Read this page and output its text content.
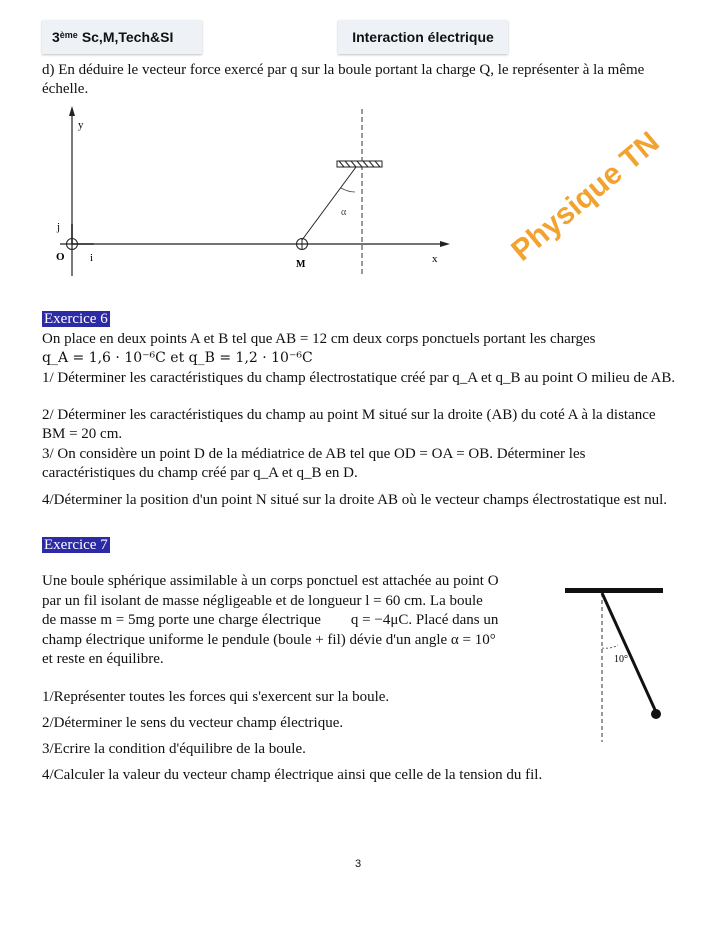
3ème Sc,M,Tech&SI	Interaction électrique
d) En déduire le vecteur force exercé par q sur la boule portant la charge Q, le représenter à la même échelle.
y
x
j
i
O
α
M	Physique TN
Exercice 6
On place en deux points A et B tel que AB = 12 cm deux corps ponctuels portant les charges
q_A = 1,6 · 10⁻⁶C et q_B = 1,2 · 10⁻⁶C
1/ Déterminer les caractéristiques du champ électrostatique créé par q_A et q_B au point O milieu de AB.
2/ Déterminer les caractéristiques du champ au point M situé sur la droite (AB) du coté A à la distance BM = 20 cm.
3/ On considère un point D de la médiatrice de AB tel que OD = OA = OB. Déterminer les caractéristiques du champ créé par q_A et q_B en D.
4/Déterminer la position d'un point N situé sur la droite AB où le vecteur champs électrostatique est nul.
Exercice 7
Une boule sphérique assimilable à un corps ponctuel est attachée au point O
par un fil isolant de masse négligeable et de longueur l = 60 cm. La boule
de masse m = 5mg porte une charge électrique        q = −4μC. Placé dans un
champ électrique uniforme le pendule (boule + fil) dévie d'un angle α = 10°
et reste en équilibre.
1/Représenter toutes les forces qui s'exercent sur la boule.
2/Déterminer le sens du vecteur champ électrique.
3/Ecrire la condition d'équilibre de la boule.
4/Calculer la valeur du vecteur champ électrique ainsi que celle de la tension du fil.
10°
3
